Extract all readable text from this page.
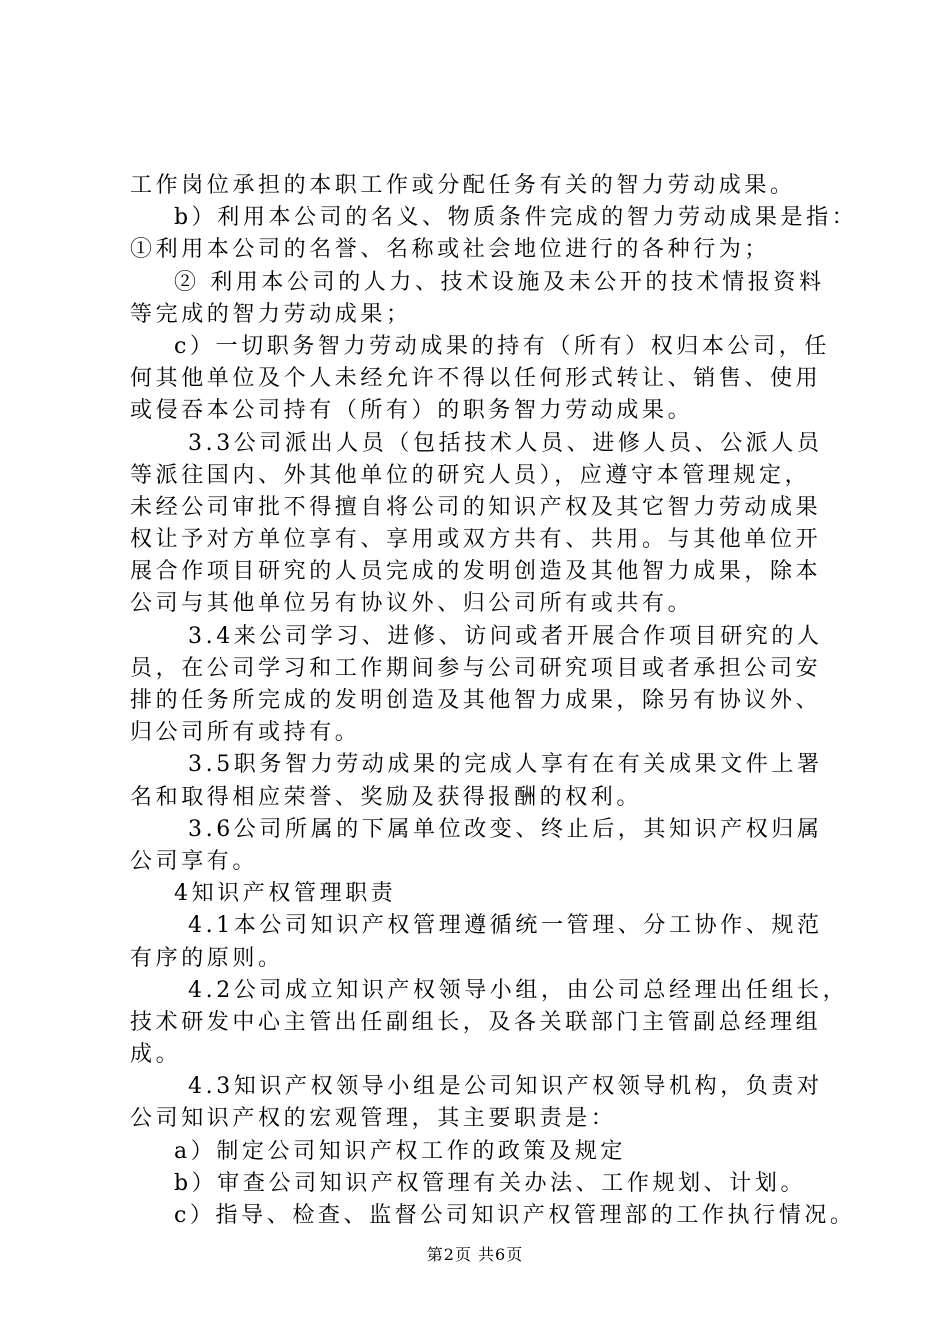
工作岗位承担的本职工作或分配任务有关的智力劳动成果。
b）利用本公司的名义、物质条件完成的智力劳动成果是指：
①利用本公司的名誉、名称或社会地位进行的各种行为；
② 利用本公司的人力、技术设施及未公开的技术情报资料
等完成的智力劳动成果；
c）一切职务智力劳动成果的持有（所有）权归本公司，任
何其他单位及个人未经允许不得以任何形式转让、销售、使用
或侵吞本公司持有（所有）的职务智力劳动成果。
3.3公司派出人员（包括技术人员、进修人员、公派人员
等派往国内、外其他单位的研究人员），应遵守本管理规定，
未经公司审批不得擅自将公司的知识产权及其它智力劳动成果
权让予对方单位享有、享用或双方共有、共用。与其他单位开
展合作项目研究的人员完成的发明创造及其他智力成果，除本
公司与其他单位另有协议外、归公司所有或共有。
3.4来公司学习、进修、访问或者开展合作项目研究的人
员，在公司学习和工作期间参与公司研究项目或者承担公司安
排的任务所完成的发明创造及其他智力成果，除另有协议外、
归公司所有或持有。
3.5职务智力劳动成果的完成人享有在有关成果文件上署
名和取得相应荣誉、奖励及获得报酬的权利。
3.6公司所属的下属单位改变、终止后，其知识产权归属
公司享有。
4知识产权管理职责
4.1本公司知识产权管理遵循统一管理、分工协作、规范
有序的原则。
4.2公司成立知识产权领导小组，由公司总经理出任组长，
技术研发中心主管出任副组长，及各关联部门主管副总经理组
成。
4.3知识产权领导小组是公司知识产权领导机构，负责对
公司知识产权的宏观管理，其主要职责是：
a）制定公司知识产权工作的政策及规定
b）审查公司知识产权管理有关办法、工作规划、计划。
c）指导、检查、监督公司知识产权管理部的工作执行情况。
第2页 共6页
